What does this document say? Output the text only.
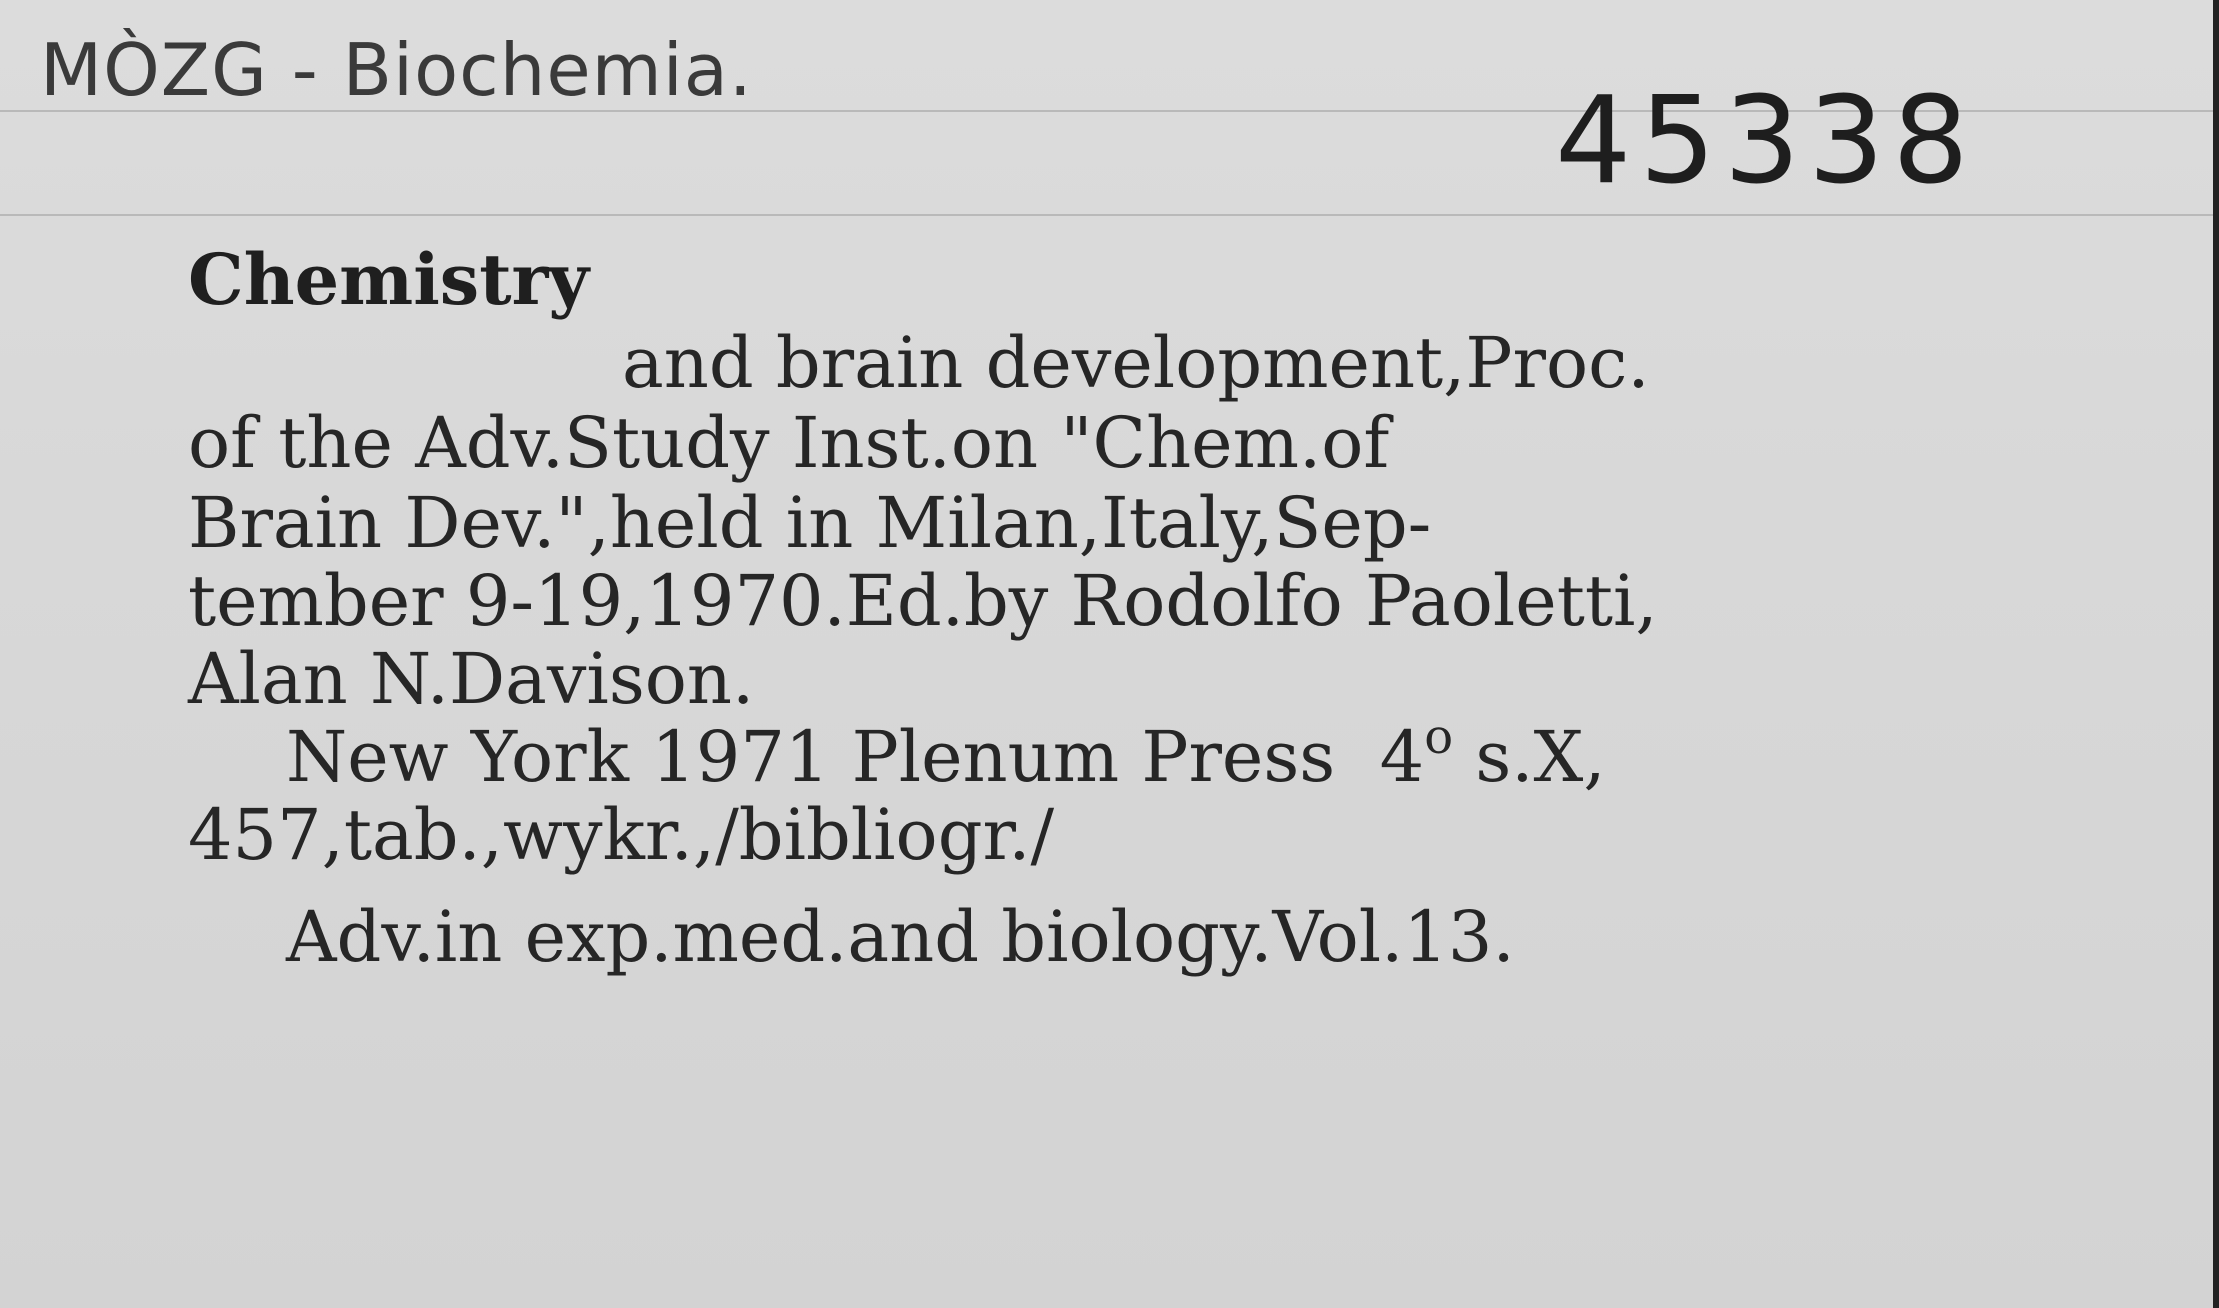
MÒZG - Biochemia.
45338
Chemistry
and brain development,Proc.
of the Adv.Study Inst.on "Chem.of
Brain Dev.",held in Milan,Italy,Sep-
tember 9-19,1970.Ed.by Rodolfo Paoletti,
Alan N.Davison.
New York 1971 Plenum Press  4$^o$ s.X,
457,tab.,wykr.,/bibliogr./
Adv.in exp.med.and biology.Vol.13.
